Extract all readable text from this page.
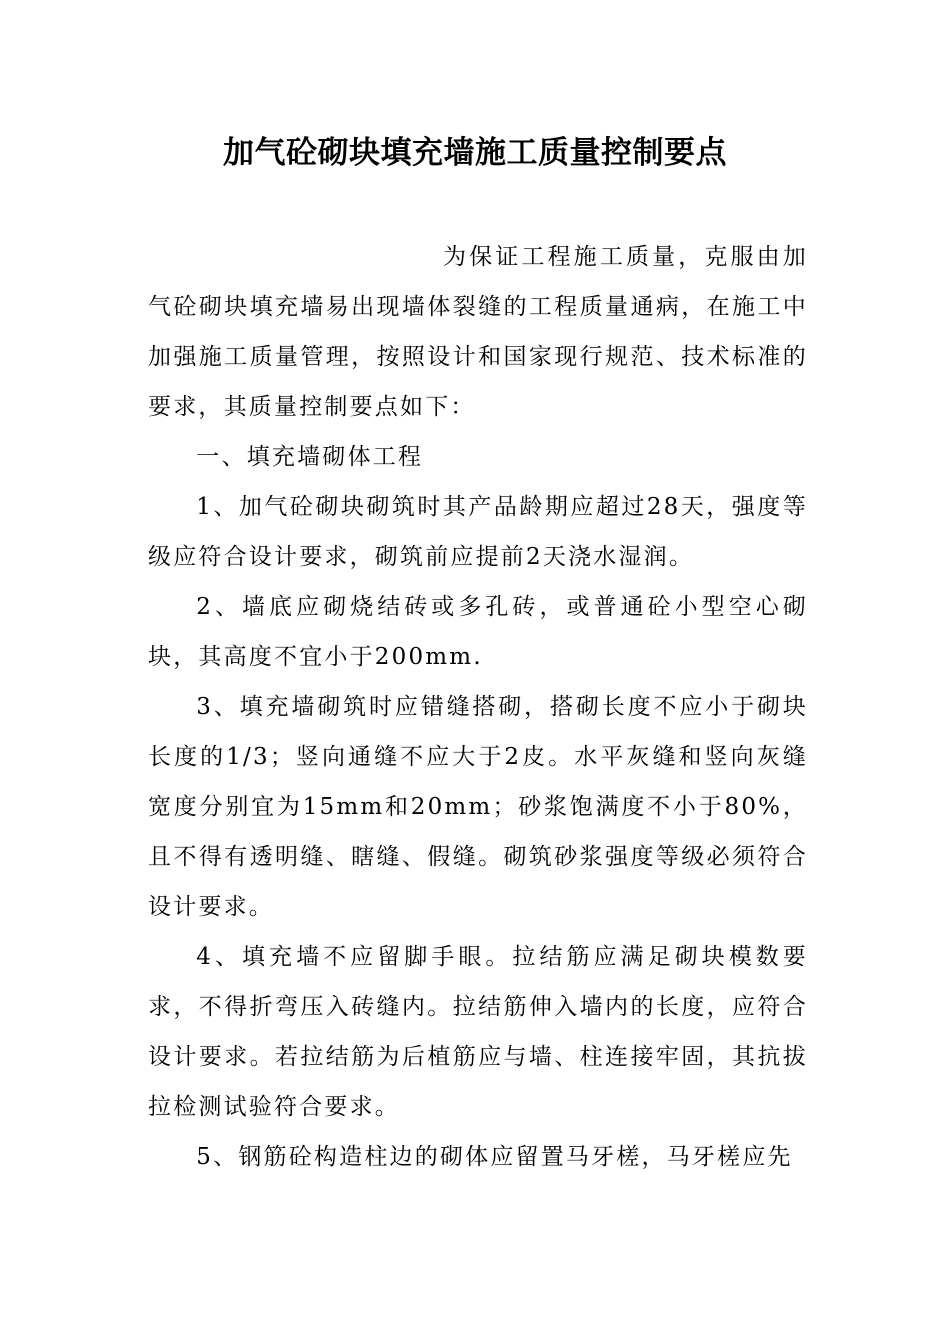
加气砼砌块填充墙施工质量控制要点

为保证工程施工质量，克服由加气砼砌块填充墙易出现墙体裂缝的工程质量通病，在施工中加强施工质量管理，按照设计和国家现行规范、技术标准的要求，其质量控制要点如下：

一、填充墙砌体工程

1、加气砼砌块砌筑时其产品龄期应超过28天，强度等级应符合设计要求，砌筑前应提前2天浇水湿润。

2、墙底应砌烧结砖或多孔砖，或普通砼小型空心砌块，其高度不宜小于200mm.

3、填充墙砌筑时应错缝搭砌，搭砌长度不应小于砌块长度的1/3；竖向通缝不应大于2皮。水平灰缝和竖向灰缝宽度分别宜为15mm和20mm；砂浆饱满度不小于80%，且不得有透明缝、瞎缝、假缝。砌筑砂浆强度等级必须符合设计要求。

4、填充墙不应留脚手眼。拉结筋应满足砌块模数要求，不得折弯压入砖缝内。拉结筋伸入墙内的长度，应符合设计要求。若拉结筋为后植筋应与墙、柱连接牢固，其抗拔拉检测试验符合要求。

5、钢筋砼构造柱边的砌体应留置马牙槎，马牙槎应先
